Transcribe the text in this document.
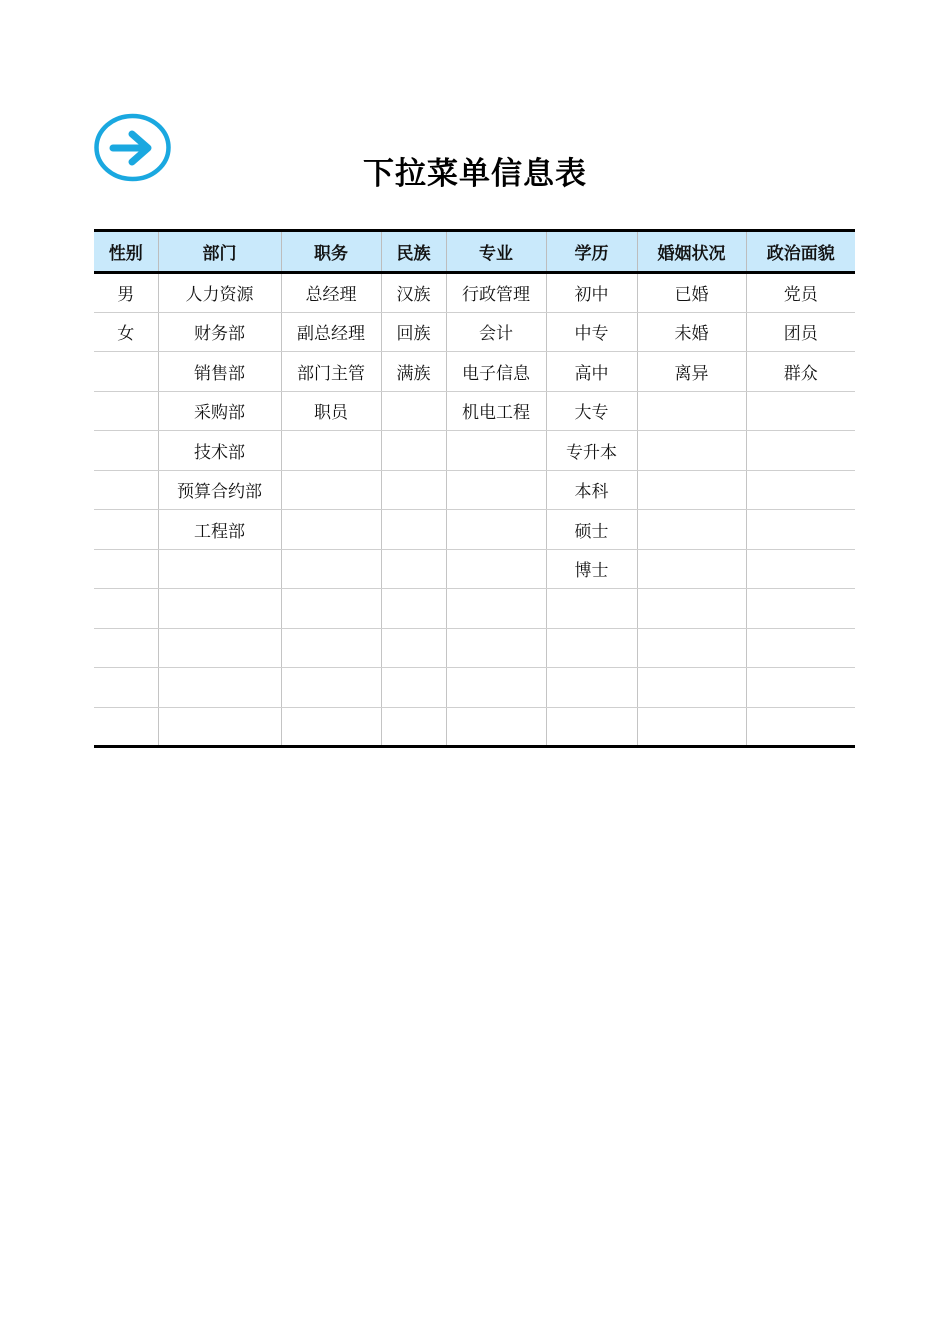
下拉菜单信息表
性别	部门	职务	民族	专业	学历	婚姻状况	政治面貌
男	人力资源	总经理	汉族	行政管理	初中	已婚	党员
女	财务部	副总经理	回族	会计	中专	未婚	团员
	销售部	部门主管	满族	电子信息	高中	离异	群众
	采购部	职员		机电工程	大专		
	技术部				专升本		
	预算合约部				本科		
	工程部				硕士		
					博士		
